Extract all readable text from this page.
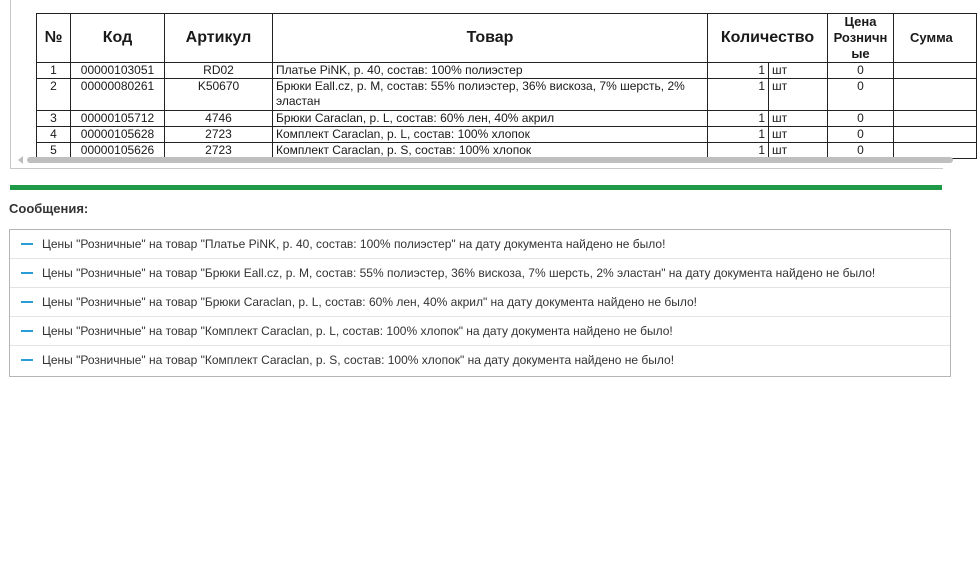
№	Код	Артикул	Товар	Количество		Цена
Розничн
ые	Сумма
1	00000103051	RD02	Платье PiNK, р. 40, состав: 100% полиэстер	1	шт	0	
2	00000080261	K50670	Брюки Eall.cz, р. M, состав: 55% полиэстер, 36% вискоза, 7% шерсть, 2% эластан	1	шт	0	
3	00000105712	4746	Брюки Caraclan, р. L, состав: 60% лен, 40% акрил	1	шт	0	
4	00000105628	2723	Комплект Caraclan, р. L, состав: 100% хлопок	1	шт	0	
5	00000105626	2723	Комплект Caraclan, р. S, состав: 100% хлопок	1	шт	0	
Сообщения:
Цены "Розничные" на товар "Платье PiNK, р. 40, состав: 100% полиэстер" на дату документа найдено не было!
Цены "Розничные" на товар "Брюки Eall.cz, р. M, состав: 55% полиэстер, 36% вискоза, 7% шерсть, 2% эластан" на дату документа найдено не было!
Цены "Розничные" на товар "Брюки Caraclan, р. L, состав: 60% лен, 40% акрил" на дату документа найдено не было!
Цены "Розничные" на товар "Комплект Caraclan, р. L, состав: 100% хлопок" на дату документа найдено не было!
Цены "Розничные" на товар "Комплект Caraclan, р. S, состав: 100% хлопок" на дату документа найдено не было!
